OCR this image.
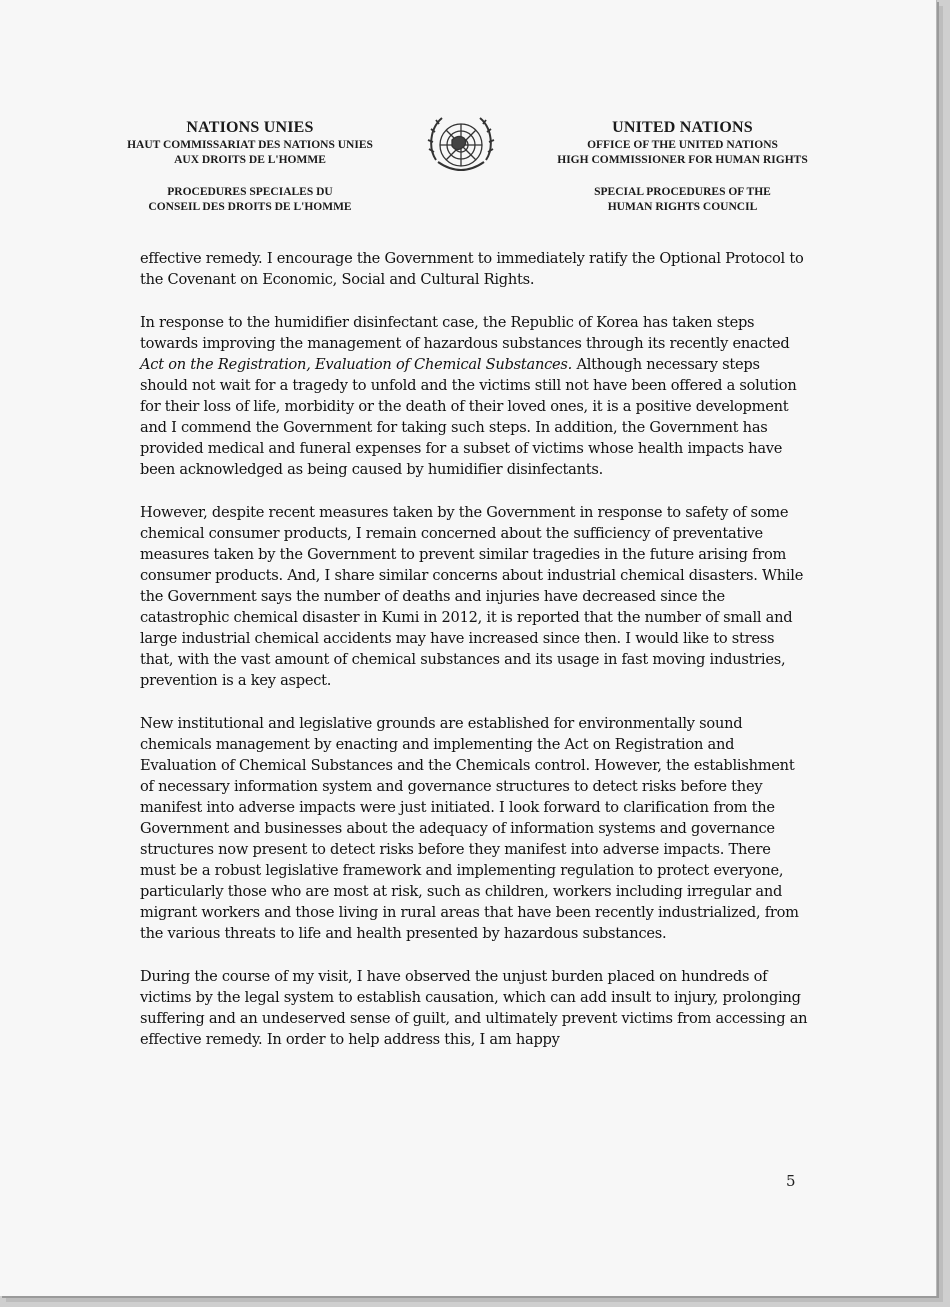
NATIONS UNIES
HAUT COMMISSARIAT DES NATIONS UNIES
AUX DROITS DE L'HOMME
PROCEDURES SPECIALES DU
CONSEIL DES DROITS DE L'HOMME
UNITED NATIONS
OFFICE OF THE UNITED NATIONS
HIGH COMMISSIONER FOR HUMAN RIGHTS
SPECIAL PROCEDURES OF THE
HUMAN RIGHTS COUNCIL

effective remedy. I encourage the Government to immediately ratify the Optional Protocol to the Covenant on Economic, Social and Cultural Rights.

In response to the humidifier disinfectant case, the Republic of Korea has taken steps towards improving the management of hazardous substances through its recently enacted Act on the Registration, Evaluation of Chemical Substances. Although necessary steps should not wait for a tragedy to unfold and the victims still not have been offered a solution for their loss of life, morbidity or the death of their loved ones, it is a positive development and I commend the Government for taking such steps. In addition, the Government has provided medical and funeral expenses for a subset of victims whose health impacts have been acknowledged as being caused by humidifier disinfectants.

However, despite recent measures taken by the Government in response to safety of some chemical consumer products, I remain concerned about the sufficiency of preventative measures taken by the Government to prevent similar tragedies in the future arising from consumer products. And, I share similar concerns about industrial chemical disasters. While the Government says the number of deaths and injuries have decreased since the catastrophic chemical disaster in Kumi in 2012, it is reported that the number of small and large industrial chemical accidents may have increased since then. I would like to stress that, with the vast amount of chemical substances and its usage in fast moving industries, prevention is a key aspect.

New institutional and legislative grounds are established for environmentally sound chemicals management by enacting and implementing the Act on Registration and Evaluation of Chemical Substances and the Chemicals control. However, the establishment of necessary information system and governance structures to detect risks before they manifest into adverse impacts were just initiated. I look forward to clarification from the Government and businesses about the adequacy of information systems and governance structures now present to detect risks before they manifest into adverse impacts. There must be a robust legislative framework and implementing regulation to protect everyone, particularly those who are most at risk, such as children, workers including irregular and migrant workers and those living in rural areas that have been recently industrialized, from the various threats to life and health presented by hazardous substances.

During the course of my visit, I have observed the unjust burden placed on hundreds of victims by the legal system to establish causation, which can add insult to injury, prolonging suffering and an undeserved sense of guilt, and ultimately prevent victims from accessing an effective remedy. In order to help address this, I am happy

5
